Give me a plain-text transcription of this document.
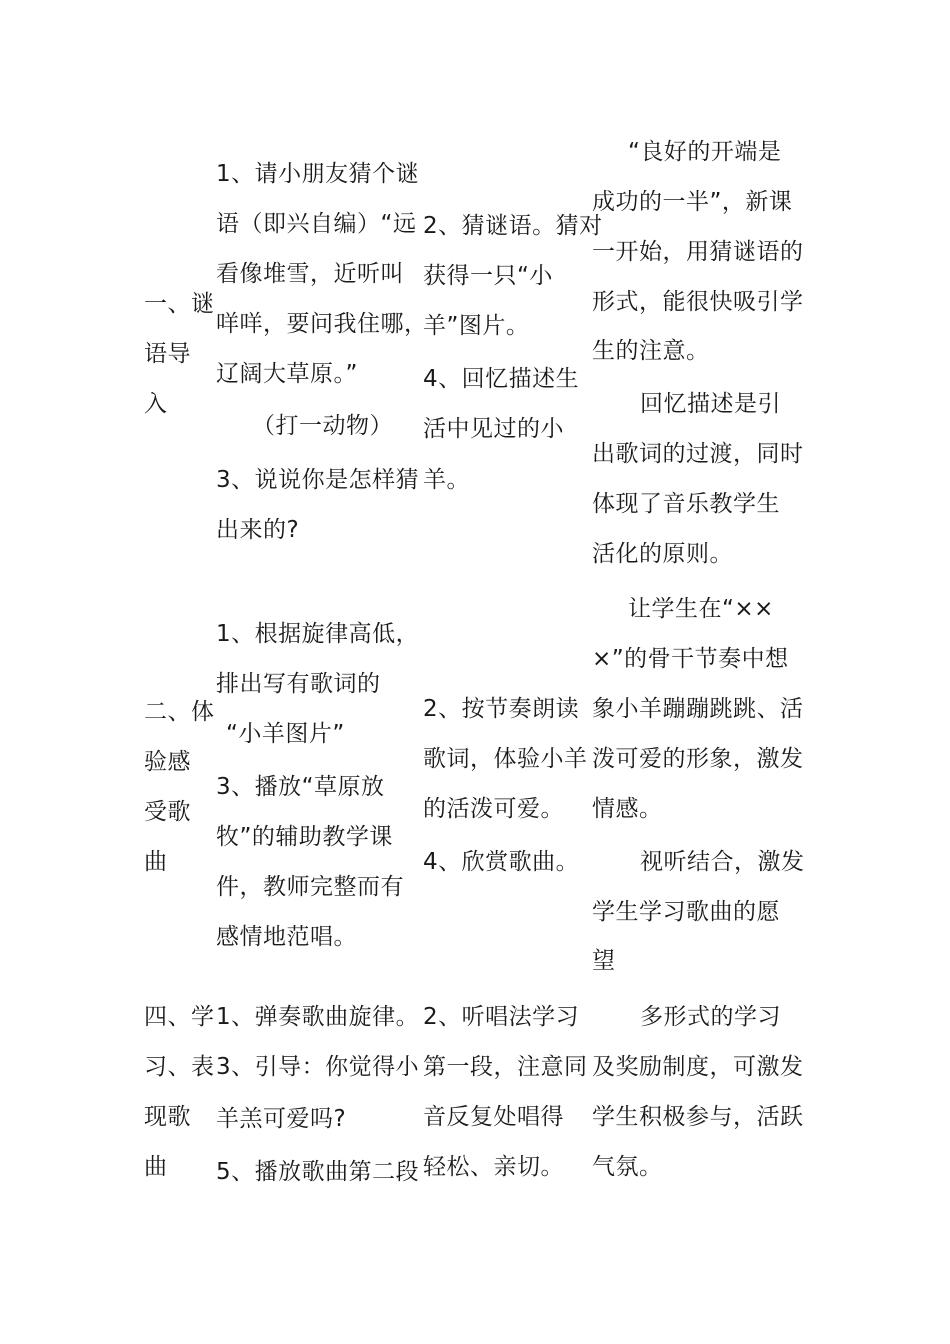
一、谜
语导
入
1、请小朋友猜个谜
语（即兴自编）“远
看像堆雪，近听叫
咩咩，要问我住哪，
辽阔大草原。”
（打一动物）
3、说说你是怎样猜
出来的?
2、猜谜语。猜对
获得一只“小
羊”图片。
4、回忆描述生
活中见过的小
羊。
“良好的开端是
成功的一半”，新课
一开始，用猜谜语的
形式，能很快吸引学
生的注意。
回忆描述是引
出歌词的过渡，同时
体现了音乐教学生
活化的原则。
二、体
验感
受歌
曲
1、根据旋律高低，
排出写有歌词的
“小羊图片”
3、播放“草原放
牧”的辅助教学课
件，教师完整而有
感情地范唱。
2、按节奏朗读
歌词，体验小羊
的活泼可爱。
4、欣赏歌曲。
让学生在“××
×”的骨干节奏中想
象小羊蹦蹦跳跳、活
泼可爱的形象，激发
情感。
视听结合，激发
学生学习歌曲的愿
望
四、学
习、表
现歌
曲
1、弹奏歌曲旋律。
3、引导：你觉得小
羊羔可爱吗?
5、播放歌曲第二段
2、听唱法学习
第一段，注意同
音反复处唱得
轻松、亲切。
多形式的学习
及奖励制度，可激发
学生积极参与，活跃
气氛。
